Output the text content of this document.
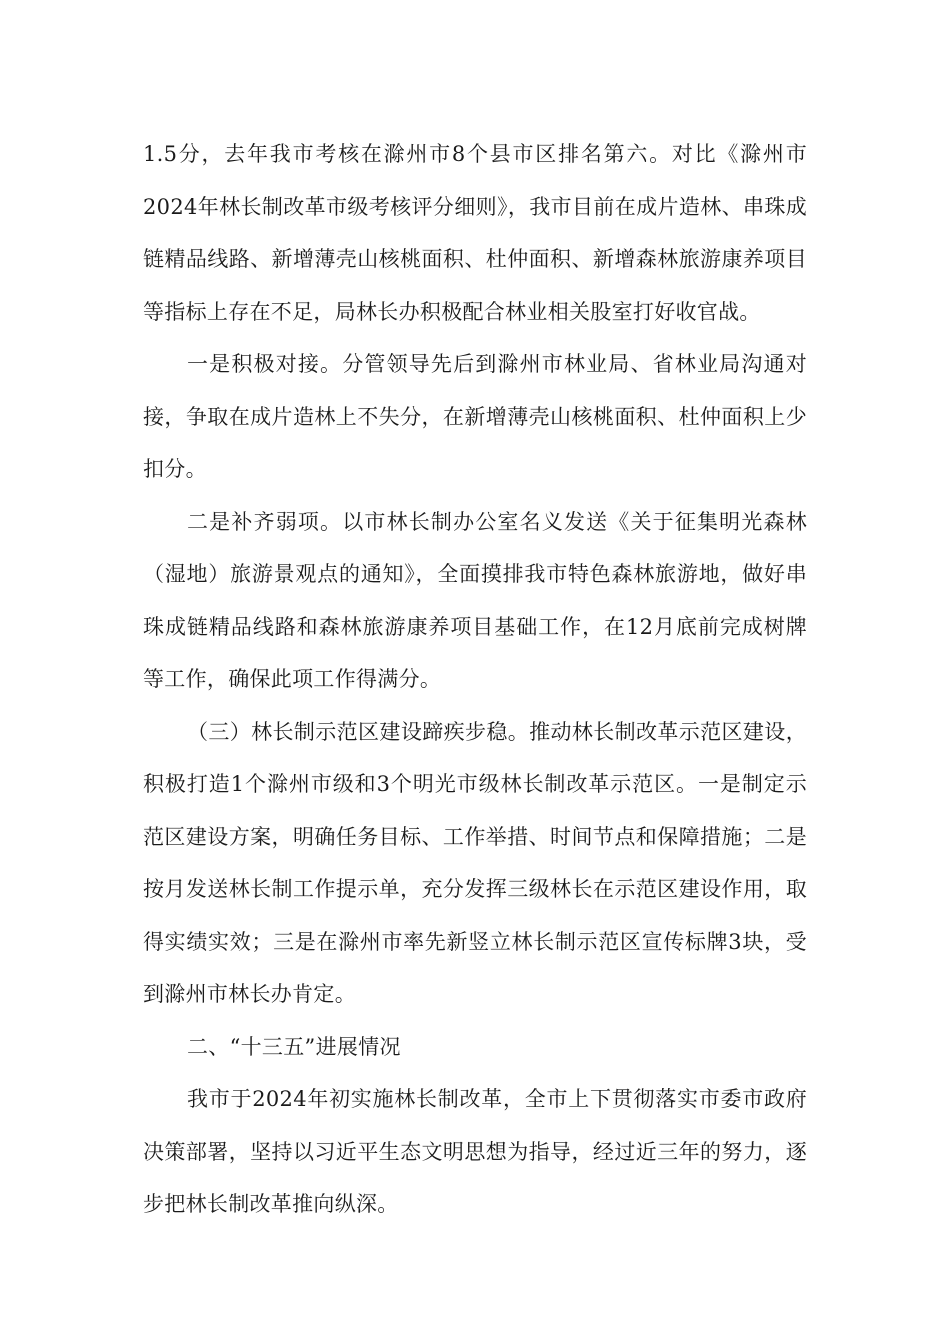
1.5分，去年我市考核在滁州市8个县市区排名第六。对比《滁州市2024年林长制改革市级考核评分细则》，我市目前在成片造林、串珠成链精品线路、新增薄壳山核桃面积、杜仲面积、新增森林旅游康养项目等指标上存在不足，局林长办积极配合林业相关股室打好收官战。

一是积极对接。分管领导先后到滁州市林业局、省林业局沟通对接，争取在成片造林上不失分，在新增薄壳山核桃面积、杜仲面积上少扣分。

二是补齐弱项。以市林长制办公室名义发送《关于征集明光森林（湿地）旅游景观点的通知》，全面摸排我市特色森林旅游地，做好串珠成链精品线路和森林旅游康养项目基础工作，在12月底前完成树牌等工作，确保此项工作得满分。

（三）林长制示范区建设蹄疾步稳。推动林长制改革示范区建设，积极打造1个滁州市级和3个明光市级林长制改革示范区。一是制定示范区建设方案，明确任务目标、工作举措、时间节点和保障措施；二是按月发送林长制工作提示单，充分发挥三级林长在示范区建设作用，取得实绩实效；三是在滁州市率先新竖立林长制示范区宣传标牌3块，受到滁州市林长办肯定。

二、“十三五”进展情况

我市于2024年初实施林长制改革，全市上下贯彻落实市委市政府决策部署，坚持以习近平生态文明思想为指导，经过近三年的努力，逐步把林长制改革推向纵深。
